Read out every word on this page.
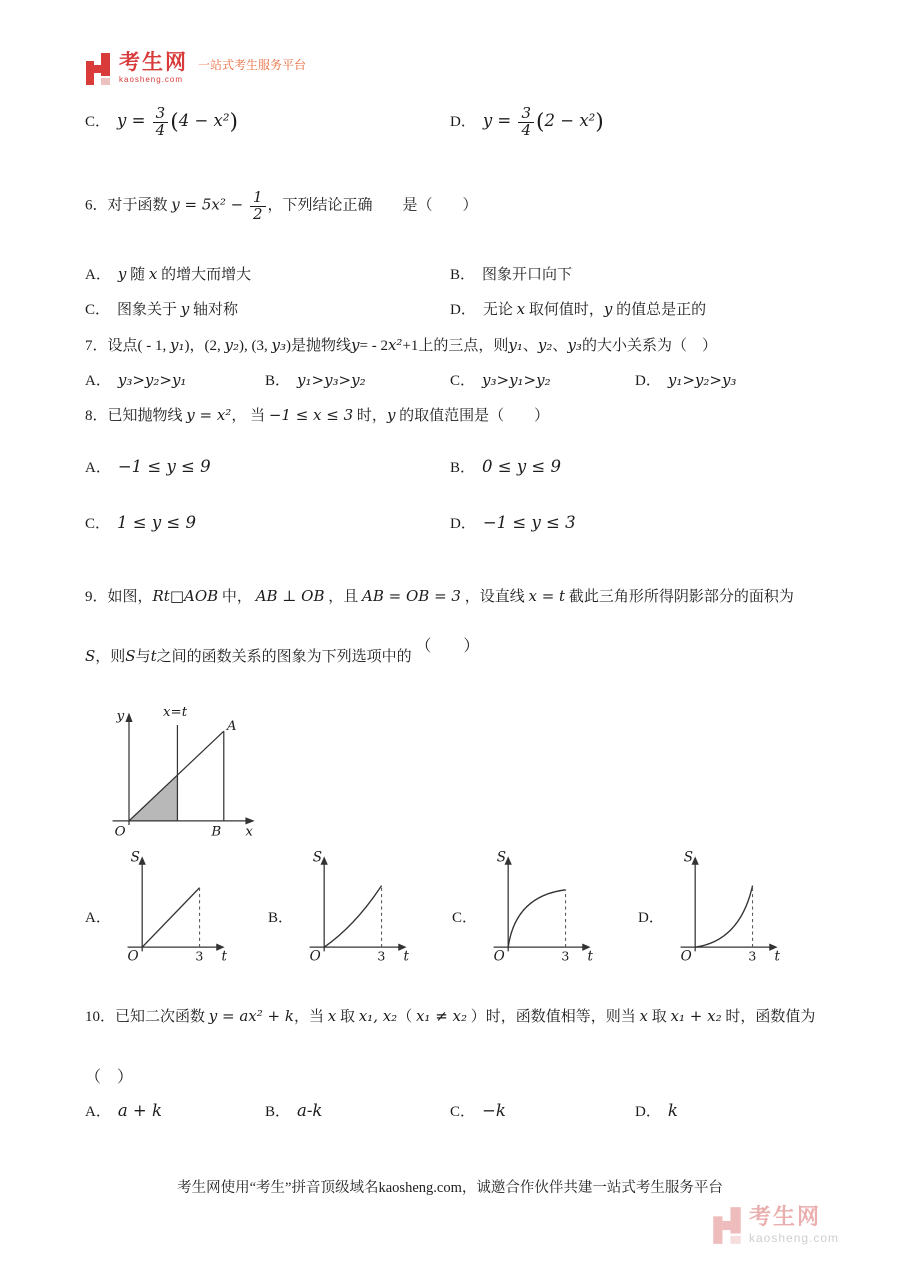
考生网
kaosheng.com
一站式考生服务平台
C． $y = \frac{3}{4} (4 - x^2)$	D． $y = \frac{3}{4} (2 - x^2)$
6．对于函数 $y = 5x^2 - \frac{1}{2}$ ，下列结论正确　　是（　　）
A． y 随 x 的增大而增大	B． 图象开口向下
C． 图象关于 y 轴对称	D． 无论 x 取何值时，y 的值总是正的
7．设点( - 1, y₁)，(2, y₂), (3, y₃)是抛物线y= - 2x²+1上的三点，则y₁、y₂、y₃的大小关系为（　）
A． y₃>y₂>y₁	B． y₁>y₃>y₂	C． y₃>y₁>y₂	D． y₁>y₂>y₃
8．已知抛物线 y = x²， 当 −1 ≤ x ≤ 3 时，y 的取值范围是（　　）
A． −1 ≤ y ≤ 9	B． 0 ≤ y ≤ 9
C． 1 ≤ y ≤ 9	D． −1 ≤ y ≤ 3
9．如图，Rt□AOB 中， AB ⊥ OB ，且 AB = OB = 3 ，设直线 x = t 截此三角形所得阴影部分的面积为
S，则S与t之间的函数关系的图象为下列选项中的 （　　）
y	x=t
A
O	B x
A．
S
O	3 t
B．
S
O	3 t
C．
S
O	3 t
D．
S
O	3 t
10．已知二次函数 y = ax² + k，当 x 取 x₁, x₂（ x₁ ≠ x₂ ）时，函数值相等，则当 x 取 x₁ + x₂ 时，函数值为
（　）
A． a + k	B． a-k	C． −k	D． k
考生网使用“考生”拼音顶级域名kaosheng.com，诚邀合作伙伴共建一站式考生服务平台
考生网
kaosheng.com
